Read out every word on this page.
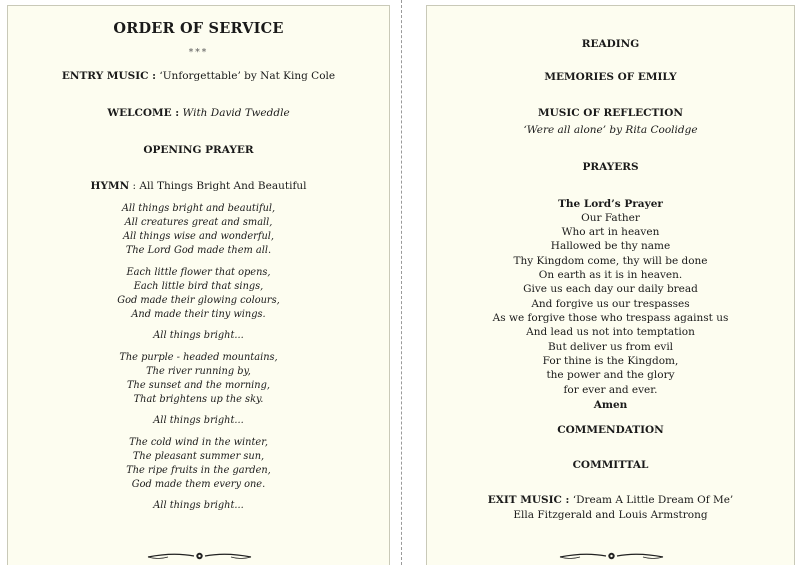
ORDER OF SERVICE
***
ENTRY MUSIC : ‘Unforgettable’ by Nat King Cole
WELCOME : With David Tweddle
OPENING PRAYER
HYMN : All Things Bright And Beautiful
All things bright and beautiful,
All creatures great and small,
All things wise and wonderful,
The Lord God made them all.
Each little flower that opens,
Each little bird that sings,
God made their glowing colours,
And made their tiny wings.
All things bright...
The purple - headed mountains,
The river running by,
The sunset and the morning,
That brightens up the sky.
All things bright...
The cold wind in the winter,
The pleasant summer sun,
The ripe fruits in the garden,
God made them every one.
All things bright...
READING
MEMORIES OF EMILY
MUSIC OF REFLECTION
‘Were all alone’ by Rita Coolidge
PRAYERS
The Lord’s Prayer
Our Father
Who art in heaven
Hallowed be thy name
Thy Kingdom come, thy will be done
On earth as it is in heaven.
Give us each day our daily bread
And forgive us our trespasses
As we forgive those who trespass against us
And lead us not into temptation
But deliver us from evil
For thine is the Kingdom,
the power and the glory
for ever and ever.
Amen
COMMENDATION
COMMITTAL
EXIT MUSIC : ‘Dream A Little Dream Of Me’
Ella Fitzgerald and Louis Armstrong
